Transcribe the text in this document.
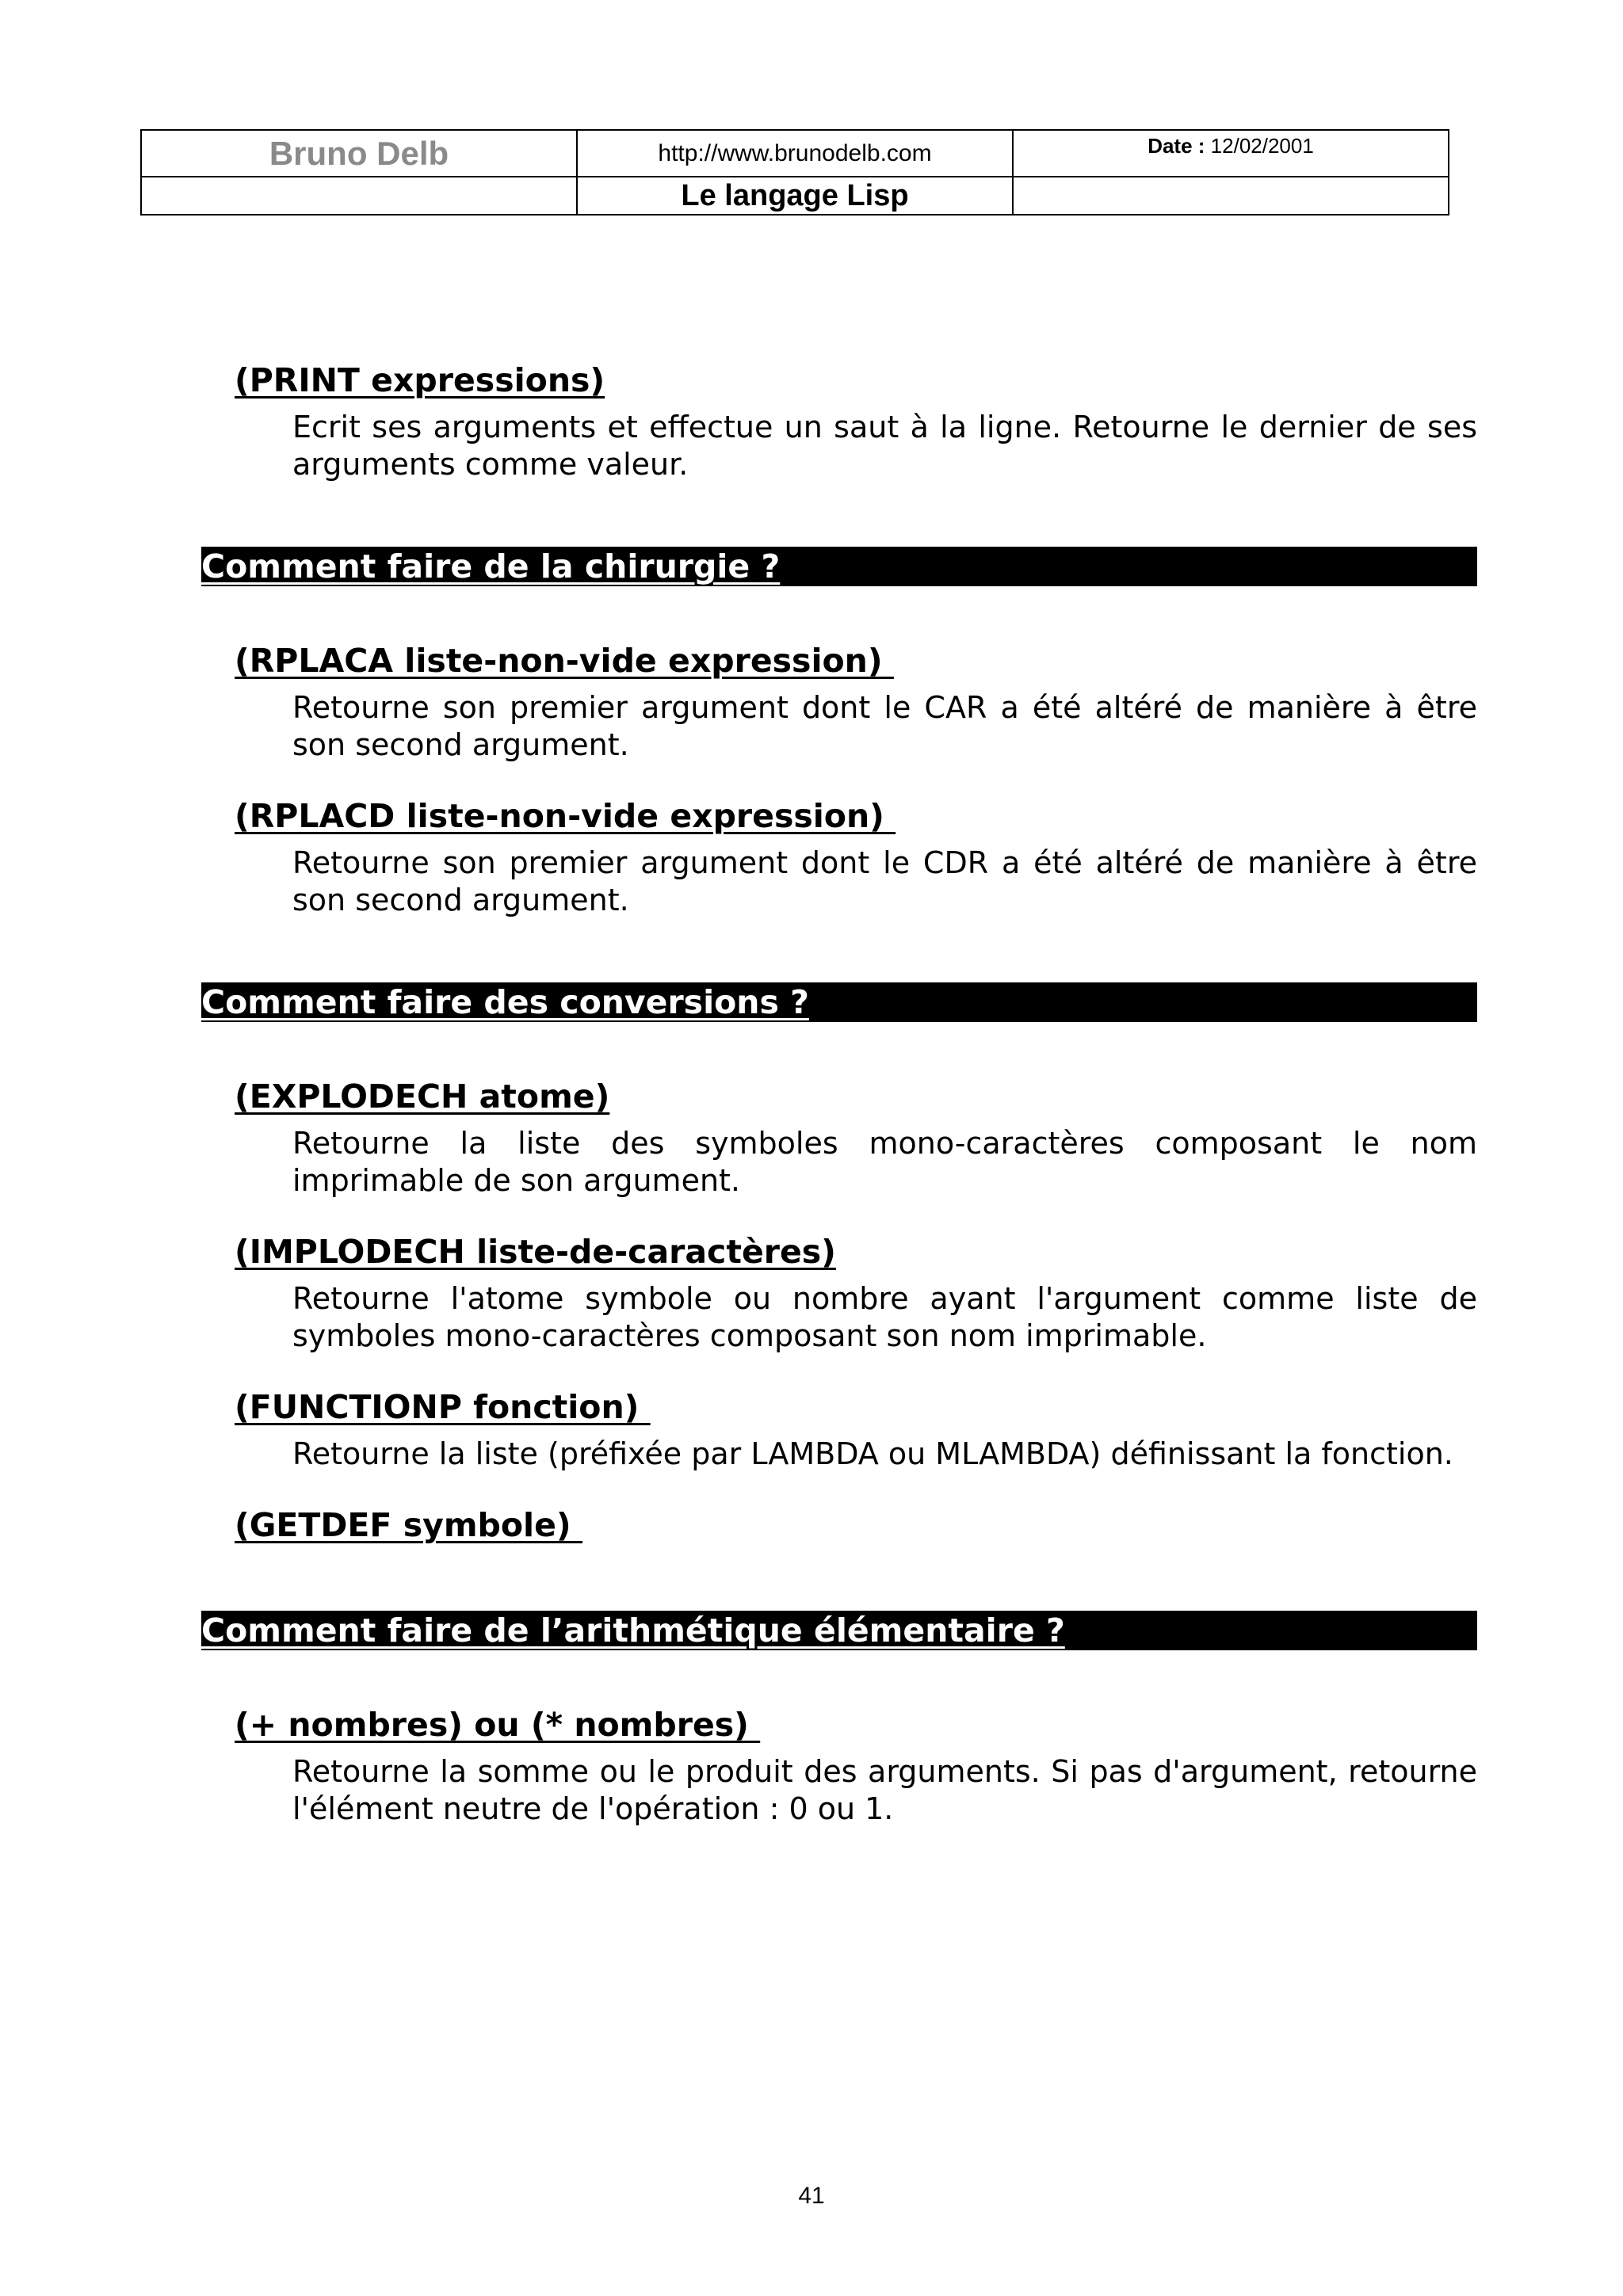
Bruno Delb	http://www.brunodelb.com	Date : 12/02/2001
	Le langage Lisp	
(PRINT expressions)
Ecrit ses arguments et effectue un saut à la ligne. Retourne le dernier de ses arguments comme valeur.
Comment faire de la chirurgie ?
(RPLACA liste-non-vide expression)
Retourne son premier argument dont le CAR a été altéré de manière à être son second argument.
(RPLACD liste-non-vide expression)
Retourne son premier argument dont le CDR a été altéré de manière à être son second argument.
Comment faire des conversions ?
(EXPLODECH atome)
Retourne la liste des symboles mono-caractères composant le nom imprimable de son argument.
(IMPLODECH liste-de-caractères)
Retourne l'atome symbole ou nombre ayant l'argument comme liste de symboles mono-caractères composant son nom imprimable.
(FUNCTIONP fonction)
Retourne la liste (préfixée par LAMBDA ou MLAMBDA) définissant la fonction.
(GETDEF symbole)
Comment faire de l’arithmétique élémentaire ?
(+ nombres) ou (* nombres)
Retourne la somme ou le produit des arguments. Si pas d'argument, retourne l'élément neutre de l'opération : 0 ou 1.
41
